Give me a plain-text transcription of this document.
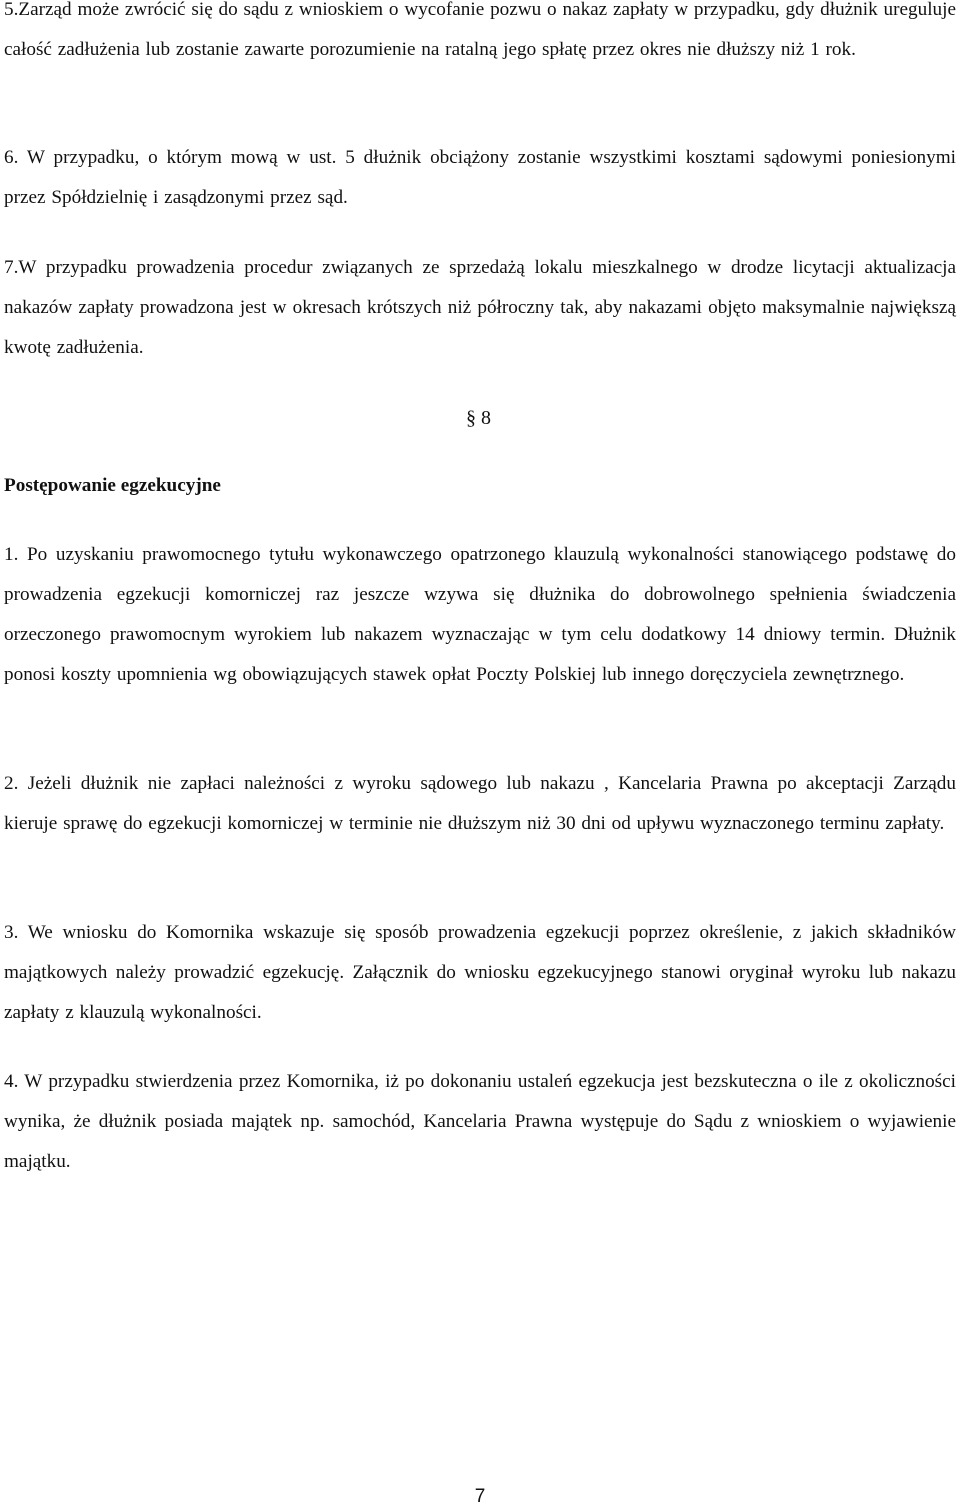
5.Zarząd może zwrócić się do sądu z wnioskiem o wycofanie pozwu o nakaz zapłaty w przypadku, gdy dłużnik ureguluje całość zadłużenia lub zostanie zawarte porozumienie na ratalną jego spłatę przez okres nie dłuższy niż 1 rok.

6. W przypadku, o którym mową w ust. 5 dłużnik obciążony zostanie wszystkimi kosztami sądowymi poniesionymi przez Spółdzielnię i zasądzonymi przez sąd.

7.W przypadku prowadzenia procedur związanych ze sprzedażą lokalu mieszkalnego w drodze licytacji aktualizacja nakazów zapłaty prowadzona jest w okresach krótszych niż półroczny tak, aby nakazami objęto maksymalnie największą kwotę zadłużenia.

§ 8

Postępowanie egzekucyjne

1. Po uzyskaniu prawomocnego tytułu wykonawczego opatrzonego klauzulą wykonalności stanowiącego podstawę do prowadzenia egzekucji komorniczej raz jeszcze wzywa się dłużnika do dobrowolnego spełnienia świadczenia orzeczonego prawomocnym wyrokiem lub nakazem wyznaczając w tym celu dodatkowy 14 dniowy termin. Dłużnik ponosi koszty upomnienia wg obowiązujących stawek opłat Poczty Polskiej lub innego doręczyciela zewnętrznego.

2. Jeżeli dłużnik nie zapłaci należności z wyroku sądowego lub nakazu , Kancelaria Prawna po akceptacji Zarządu kieruje sprawę do egzekucji komorniczej w terminie nie dłuższym niż 30 dni od upływu wyznaczonego terminu zapłaty.

3. We wniosku do Komornika wskazuje się sposób prowadzenia egzekucji poprzez określenie, z jakich składników majątkowych należy prowadzić egzekucję. Załącznik do wniosku egzekucyjnego stanowi oryginał wyroku lub nakazu zapłaty z klauzulą wykonalności.

4. W przypadku stwierdzenia przez Komornika, iż po dokonaniu ustaleń egzekucja jest bezskuteczna o ile z okoliczności wynika, że dłużnik posiada majątek np. samochód, Kancelaria Prawna występuje do Sądu z wnioskiem o wyjawienie majątku.

7
